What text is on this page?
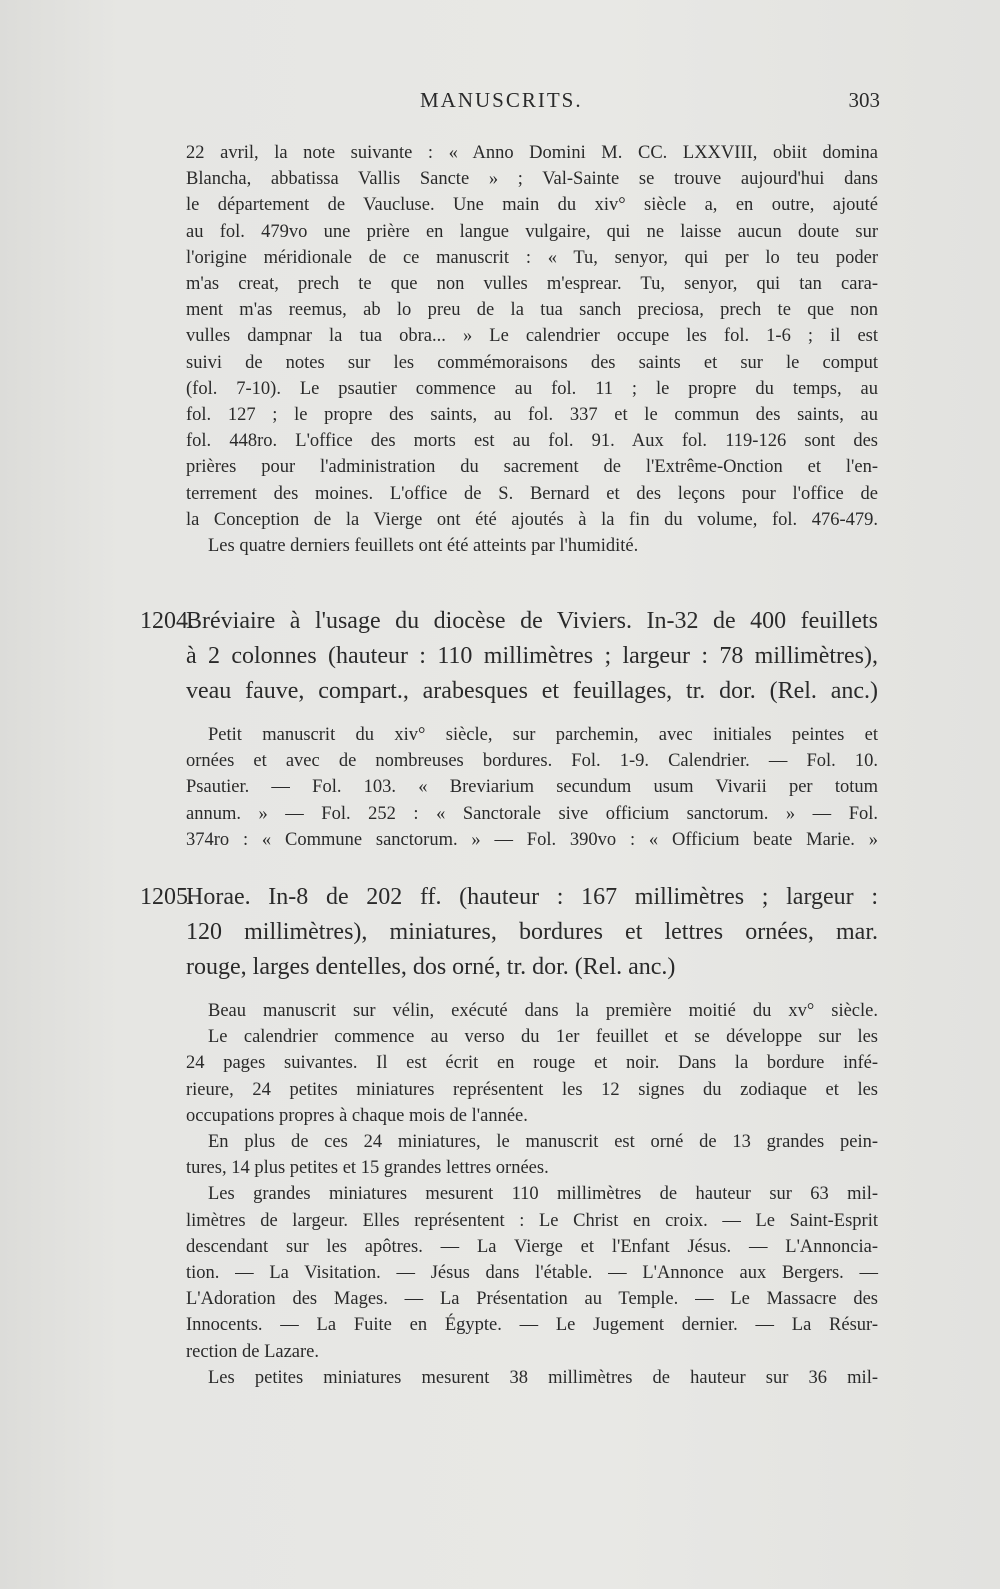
MANUSCRITS.	303
22 avril, la note suivante : « Anno Domini M. CC. LXXVIII, obiit domina
Blancha, abbatissa Vallis Sancte » ; Val-Sainte se trouve aujourd'hui dans
le département de Vaucluse. Une main du xiv° siècle a, en outre, ajouté
au fol. 479vo une prière en langue vulgaire, qui ne laisse aucun doute sur
l'origine méridionale de ce manuscrit : « Tu, senyor, qui per lo teu poder
m'as creat, prech te que non vulles m'esprear. Tu, senyor, qui tan cara-
ment m'as reemus, ab lo preu de la tua sanch preciosa, prech te que non
vulles dampnar la tua obra... » Le calendrier occupe les fol. 1-6 ; il est
suivi de notes sur les commémoraisons des saints et sur le comput
(fol. 7-10). Le psautier commence au fol. 11 ; le propre du temps, au
fol. 127 ; le propre des saints, au fol. 337 et le commun des saints, au
fol. 448ro. L'office des morts est au fol. 91. Aux fol. 119-126 sont des
prières pour l'administration du sacrement de l'Extrême-Onction et l'en-
terrement des moines. L'office de S. Bernard et des leçons pour l'office de
la Conception de la Vierge ont été ajoutés à la fin du volume, fol. 476-479.
Les quatre derniers feuillets ont été atteints par l'humidité.
1204.
Bréviaire à l'usage du diocèse de Viviers. In-32 de 400 feuillets
à 2 colonnes (hauteur : 110 millimètres ; largeur : 78 millimètres),
veau fauve, compart., arabesques et feuillages, tr. dor. (Rel. anc.)
Petit manuscrit du xiv° siècle, sur parchemin, avec initiales peintes et
ornées et avec de nombreuses bordures. Fol. 1-9. Calendrier. — Fol. 10.
Psautier. — Fol. 103. « Breviarium secundum usum Vivarii per totum
annum. » — Fol. 252 : « Sanctorale sive officium sanctorum. » — Fol.
374ro : « Commune sanctorum. » — Fol. 390vo : « Officium beate Marie. »
1205.
Horae. In-8 de 202 ff. (hauteur : 167 millimètres ; largeur :
120 millimètres), miniatures, bordures et lettres ornées, mar.
rouge, larges dentelles, dos orné, tr. dor. (Rel. anc.)
Beau manuscrit sur vélin, exécuté dans la première moitié du xv° siècle.
Le calendrier commence au verso du 1er feuillet et se développe sur les
24 pages suivantes. Il est écrit en rouge et noir. Dans la bordure infé-
rieure, 24 petites miniatures représentent les 12 signes du zodiaque et les
occupations propres à chaque mois de l'année.
En plus de ces 24 miniatures, le manuscrit est orné de 13 grandes pein-
tures, 14 plus petites et 15 grandes lettres ornées.
Les grandes miniatures mesurent 110 millimètres de hauteur sur 63 mil-
limètres de largeur. Elles représentent : Le Christ en croix. — Le Saint-Esprit
descendant sur les apôtres. — La Vierge et l'Enfant Jésus. — L'Annoncia-
tion. — La Visitation. — Jésus dans l'étable. — L'Annonce aux Bergers. —
L'Adoration des Mages. — La Présentation au Temple. — Le Massacre des
Innocents. — La Fuite en Égypte. — Le Jugement dernier. — La Résur-
rection de Lazare.
Les petites miniatures mesurent 38 millimètres de hauteur sur 36 mil-
